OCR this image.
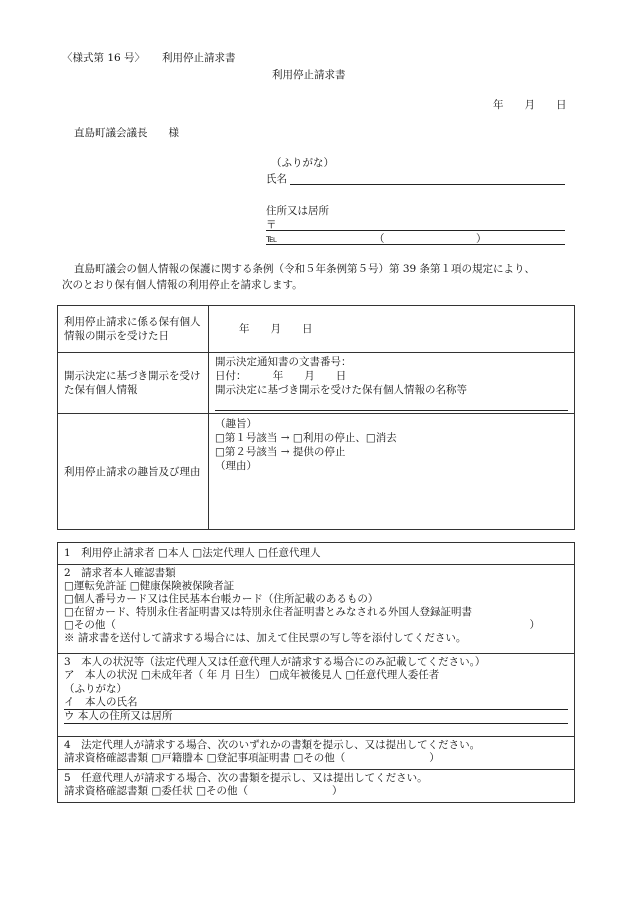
〈様式第 16 号〉 利用停止請求書
利用停止請求書
年　　月　　日
直島町議会議長　　様
（ふりがな）
氏名
住所又は居所
〒
℡	（	）
直島町議会の個人情報の保護に関する条例（令和５年条例第５号）第 39 条第１項の規定により、
次のとおり保有個人情報の利用停止を請求します。
利用停止請求に係る保有個人情報の開示を受けた日	年　　月　　日
開示決定に基づき開示を受けた保有個人情報	開示決定通知書の文書番号：
日付：　　　年　　月　　日
開示決定に基づき開示を受けた保有個人情報の名称等

利用停止請求の趣旨及び理由	（趣旨）
□第１号該当 → □利用の停止、□消去
□第２号該当 → 提供の停止
（理由）
1　利用停止請求者 □本人 □法定代理人 □任意代理人

2　請求者本人確認書類
□運転免許証 □健康保険被保険者証
□個人番号カード又は住民基本台帳カード（住所記載のあるもの）
□在留カード、特別永住者証明書又は特別永住者証明書とみなされる外国人登録証明書
□その他（	）
※ 請求書を送付して請求する場合には、加えて住民票の写し等を添付してください。

3　本人の状況等（法定代理人又は任意代理人が請求する場合にのみ記載してください。）
ア　本人の状況 □未成年者（ 年 月 日生） □成年被後見人 □任意代理人委任者
（ふりがな）
イ　本人の氏名
ウ 本人の住所又は居所

4　法定代理人が請求する場合、次のいずれかの書類を提示し、又は提出してください。
請求資格確認書類 □戸籍謄本 □登記事項証明書 □その他（　　　　　　　　）

5　任意代理人が請求する場合、次の書類を提示し、又は提出してください。
請求資格確認書類 □委任状 □その他（　　　　　　　　）
